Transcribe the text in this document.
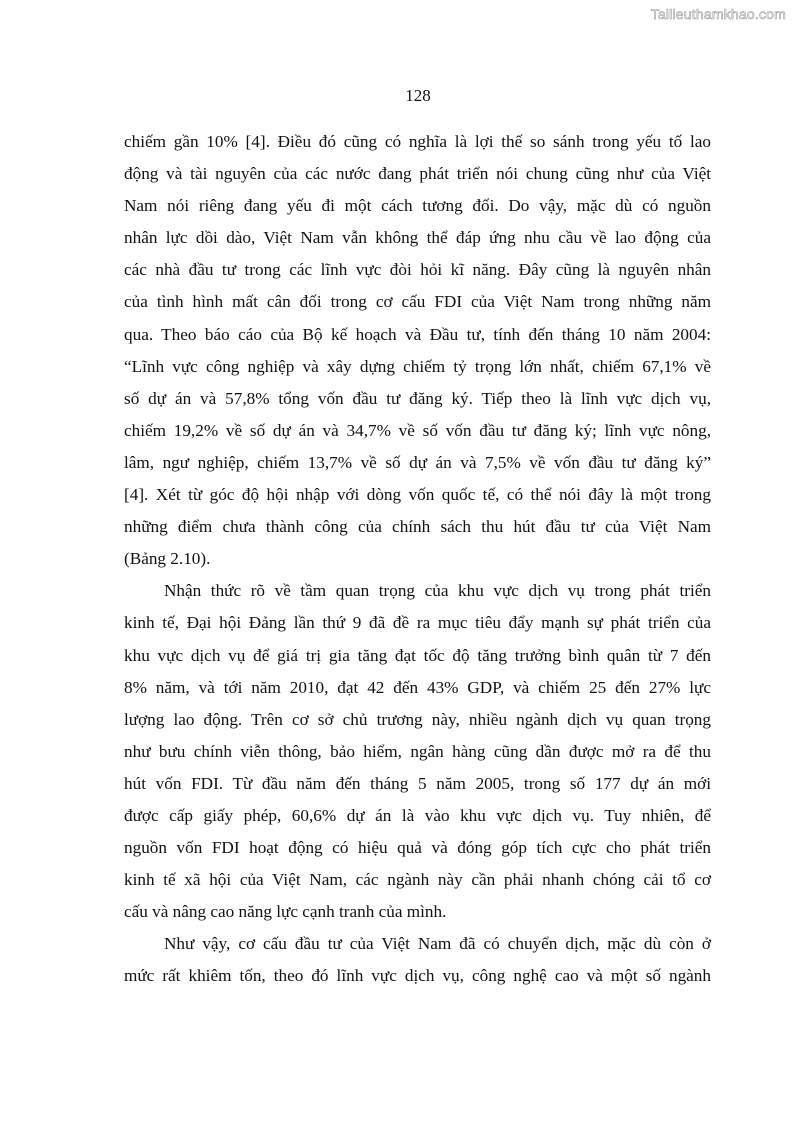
Tailieuthamkhao.com
128
chiếm gần 10% [4]. Điều đó cũng có nghĩa là lợi thế so sánh trong yếu tố lao
động và tài nguyên của các nước đang phát triển nói chung cũng như của Việt
Nam nói riêng đang yếu đi một cách tương đối. Do vậy, mặc dù có nguồn
nhân lực dồi dào, Việt Nam vẫn không thể đáp ứng nhu cầu về lao động của
các nhà đầu tư trong các lĩnh vực đòi hỏi kĩ năng. Đây cũng là nguyên nhân
của tình hình mất cân đối trong cơ cấu FDI của Việt Nam trong những năm
qua. Theo báo cáo của Bộ kế hoạch và Đầu tư, tính đến tháng 10 năm 2004:
“Lĩnh vực công nghiệp và xây dựng chiếm tỷ trọng lớn nhất, chiếm 67,1% về
số dự án và 57,8% tổng vốn đầu tư đăng ký. Tiếp theo là lĩnh vực dịch vụ,
chiếm 19,2% về số dự án và 34,7% về số vốn đầu tư đăng ký; lĩnh vực nông,
lâm, ngư nghiệp, chiếm 13,7% về số dự án và 7,5% về vốn đầu tư đăng ký”
[4]. Xét từ góc độ hội nhập với dòng vốn quốc tế, có thể nói đây là một trong
những điểm chưa thành công của chính sách thu hút đầu tư của Việt Nam
(Bảng 2.10).
Nhận thức rõ về tầm quan trọng của khu vực dịch vụ trong phát triển
kinh tế, Đại hội Đảng lần thứ 9 đã đề ra mục tiêu đẩy mạnh sự phát triển của
khu vực dịch vụ để giá trị gia tăng đạt tốc độ tăng trưởng bình quân từ 7 đến
8% năm, và tới năm 2010, đạt 42 đến 43% GDP, và chiếm 25 đến 27% lực
lượng lao động. Trên cơ sở chủ trương này, nhiều ngành dịch vụ quan trọng
như bưu chính viễn thông, bảo hiểm, ngân hàng cũng dần được mở ra để thu
hút vốn FDI. Từ đầu năm đến tháng 5 năm 2005, trong số 177 dự án mới
được cấp giấy phép, 60,6% dự án là vào khu vực dịch vụ. Tuy nhiên, để
nguồn vốn FDI hoạt động có hiệu quả và đóng góp tích cực cho phát triển
kinh tế xã hội của Việt Nam, các ngành này cần phải nhanh chóng cải tổ cơ
cấu và nâng cao năng lực cạnh tranh của mình.
Như vậy, cơ cấu đầu tư của Việt Nam đã có chuyển dịch, mặc dù còn ở
mức rất khiêm tốn, theo đó lĩnh vực dịch vụ, công nghệ cao và một số ngành
